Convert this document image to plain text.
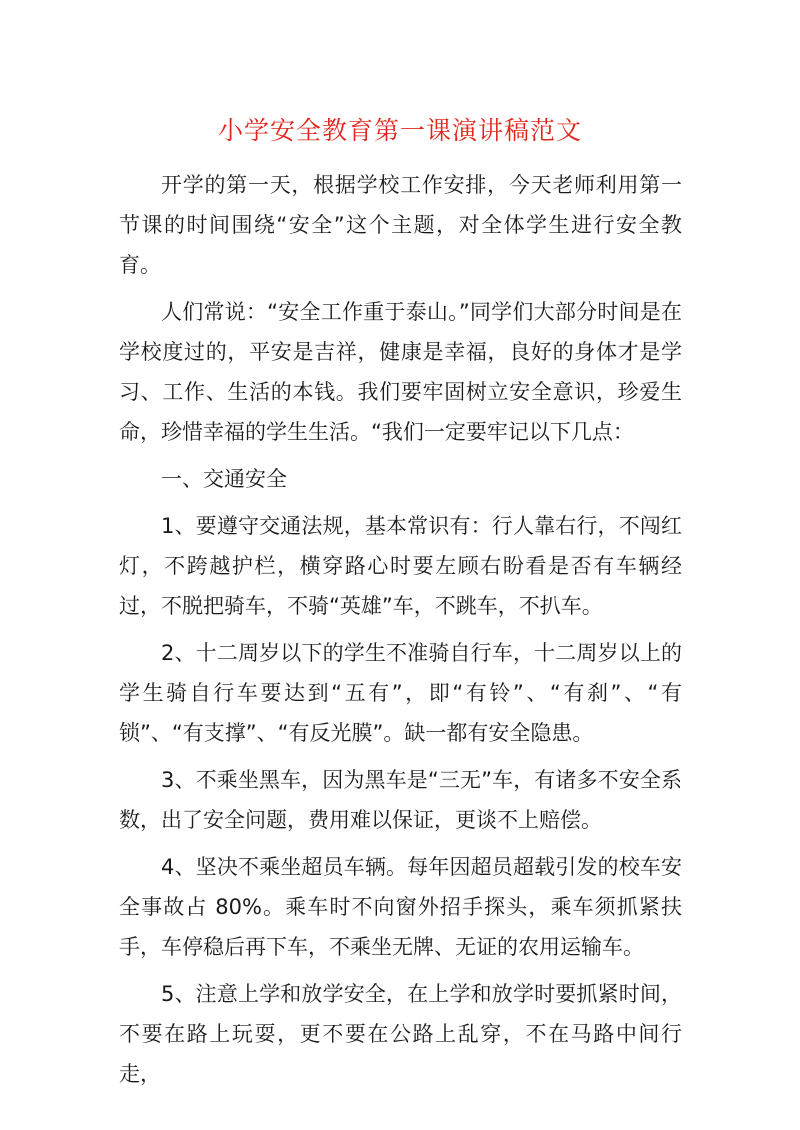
小学安全教育第一课演讲稿范文

开学的第一天，根据学校工作安排，今天老师利用第一节课的时间围绕“安全”这个主题，对全体学生进行安全教育。

人们常说：“安全工作重于泰山。”同学们大部分时间是在学校度过的，平安是吉祥，健康是幸福，良好的身体才是学习、工作、生活的本钱。我们要牢固树立安全意识，珍爱生命，珍惜幸福的学生生活。“我们一定要牢记以下几点：

一、交通安全

1、要遵守交通法规，基本常识有：行人靠右行，不闯红灯，不跨越护栏，横穿路心时要左顾右盼看是否有车辆经过，不脱把骑车，不骑“英雄”车，不跳车，不扒车。

2、十二周岁以下的学生不准骑自行车，十二周岁以上的学生骑自行车要达到“五有”，即“有铃”、“有刹”、“有锁”、“有支撑”、“有反光膜”。缺一都有安全隐患。

3、不乘坐黑车，因为黑车是“三无”车，有诸多不安全系数，出了安全问题，费用难以保证，更谈不上赔偿。

4、坚决不乘坐超员车辆。每年因超员超载引发的校车安全事故占 80%。乘车时不向窗外招手探头，乘车须抓紧扶手，车停稳后再下车，不乘坐无牌、无证的农用运输车。

5、注意上学和放学安全，在上学和放学时要抓紧时间，不要在路上玩耍，更不要在公路上乱穿，不在马路中间行走，
